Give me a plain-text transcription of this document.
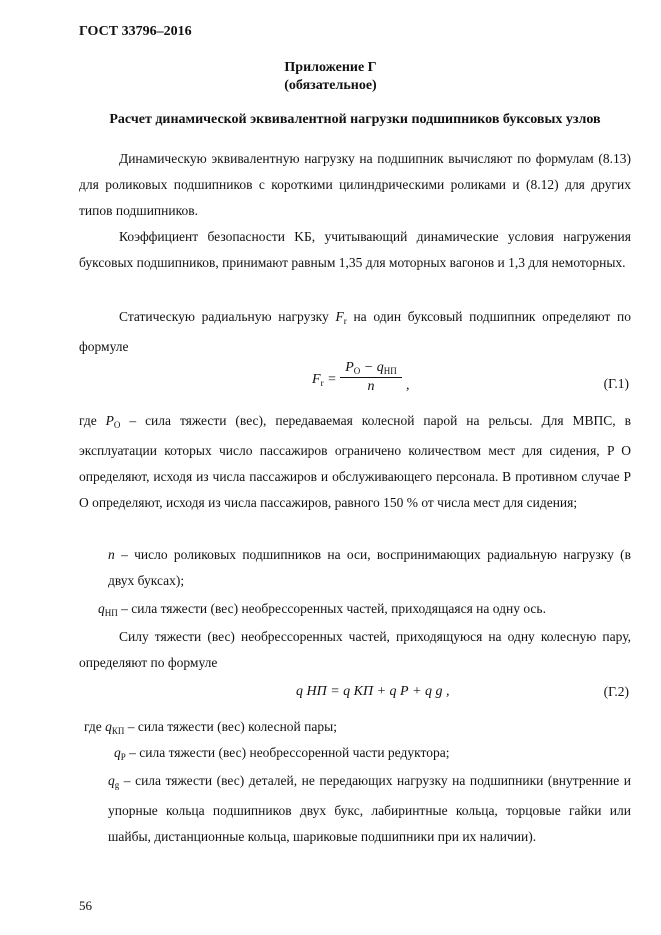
ГОСТ 33796–2016
Приложение Г
(обязательное)
Расчет динамической эквивалентной нагрузки подшипников буксовых узлов
Динамическую эквивалентную нагрузку на подшипник вычисляют по формулам (8.13) для роликовых подшипников с короткими цилиндрическими роликами и (8.12) для других типов подшипников.
Коэффициент безопасности KБ, учитывающий динамические условия нагружения буксовых подшипников, принимают равным 1,35 для моторных вагонов и 1,3 для немоторных.
Статическую радиальную нагрузку $F_r$ на один буксовый подшипник определяют по формуле
$F_r$ =
$P_O - q_{НП}$
n	,	(Г.1)
где $P_O$ – сила тяжести (вес), передаваемая колесной парой на рельсы. Для МВПС, в эксплуатации которых число пассажиров ограничено количеством мест для сидения, P O определяют, исходя из числа пассажиров и обслуживающего персонала. В противном случае P O определяют, исходя из числа пассажиров, равного 150 % от числа мест для сидения;
n – число роликовых подшипников на оси, воспринимающих радиальную нагрузку (в двух буксах);
$q_{НП}$ – сила тяжести (вес) необрессоренных частей, приходящаяся на одну ось.
Силу тяжести (вес) необрессоренных частей, приходящуюся на одну колесную пару, определяют по формуле
q НП = q КП + q Р + q g ,	(Г.2)
где $q_{КП}$ – сила тяжести (вес) колесной пары;
$q_Р$ – сила тяжести (вес) необрессоренной части редуктора;
$q_g$ – сила тяжести (вес) деталей, не передающих нагрузку на подшипники (внутренние и упорные кольца подшипников двух букс, лабиринтные кольца, торцовые гайки или шайбы, дистанционные кольца, шариковые подшипники при их наличии).
56
